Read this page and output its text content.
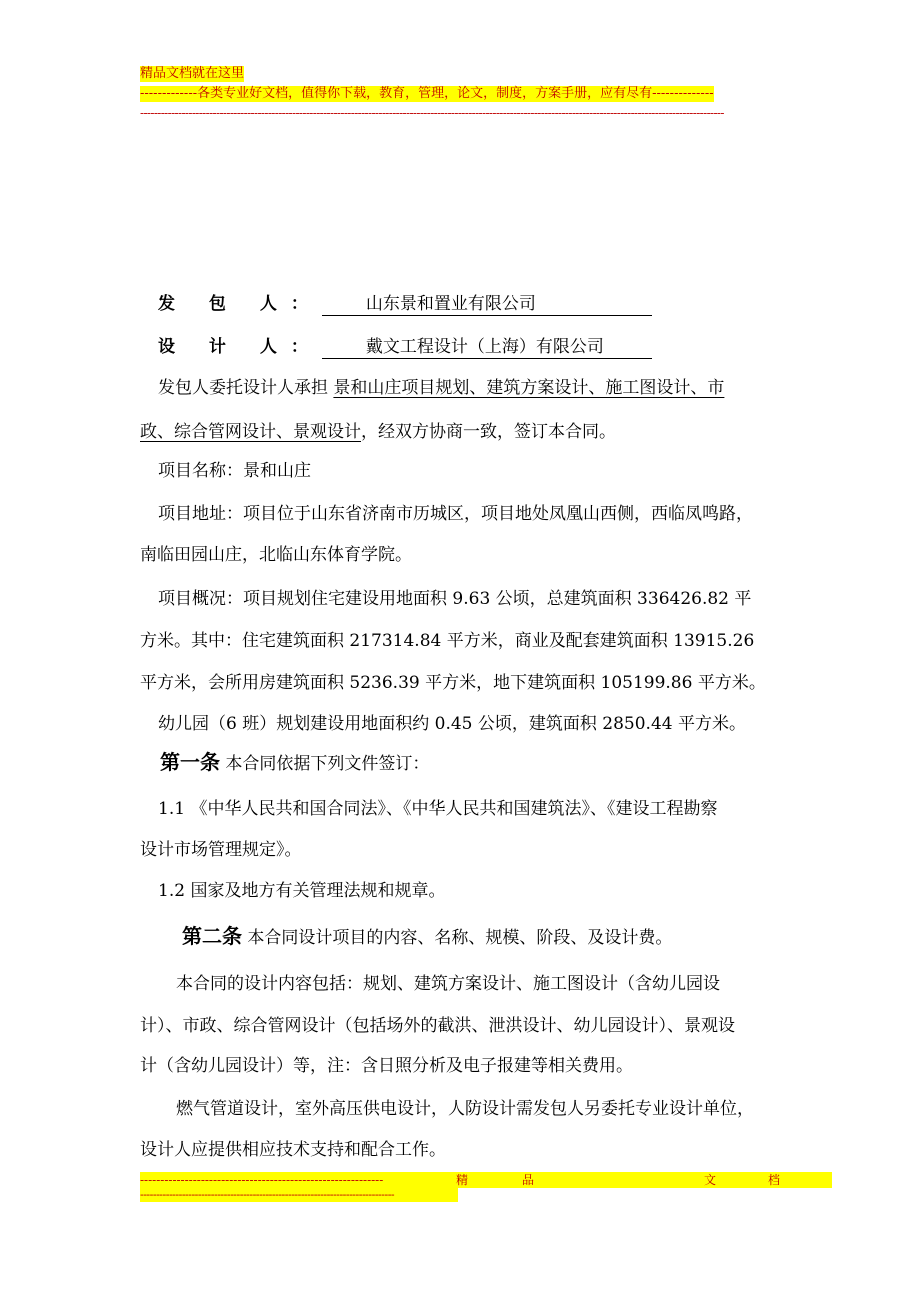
精品文档就在这里
-------------各类专业好文档，值得你下载，教育，管理，论文，制度，方案手册，应有尽有--------------
-------------------------------------------------------------------------------------------------------------------------------------------------------------------------
发 包 人：	山东景和置业有限公司
设 计 人：	戴文工程设计（上海）有限公司
发包人委托设计人承担 景和山庄项目规划、建筑方案设计、施工图设计、市
政、综合管网设计、景观设计，经双方协商一致，签订本合同。
项目名称：景和山庄
项目地址：项目位于山东省济南市历城区，项目地处凤凰山西侧，西临凤鸣路，
南临田园山庄，北临山东体育学院。
项目概况：项目规划住宅建设用地面积 9.63 公顷，总建筑面积 336426.82 平
方米。其中：住宅建筑面积 217314.84 平方米，商业及配套建筑面积 13915.26
平方米，会所用房建筑面积 5236.39 平方米，地下建筑面积 105199.86 平方米。
幼儿园（6 班）规划建设用地面积约 0.45 公顷，建筑面积 2850.44 平方米。
第一条 本合同依据下列文件签订：
1.1 《中华人民共和国合同法》、《中华人民共和国建筑法》、《建设工程勘察
设计市场管理规定》。
1.2 国家及地方有关管理法规和规章。
第二条 本合同设计项目的内容、名称、规模、阶段、及设计费。
本合同的设计内容包括：规划、建筑方案设计、施工图设计（含幼儿园设
计）、市政、综合管网设计（包括场外的截洪、泄洪设计、幼儿园设计）、景观设
计（含幼儿园设计）等，注：含日照分析及电子报建等相关费用。
燃气管道设计，室外高压供电设计，人防设计需发包人另委托专业设计单位，
设计人应提供相应技术支持和配合工作。
------------------------------------------------------------	精	品	文	档
-------------------------------------------------------------------------------
